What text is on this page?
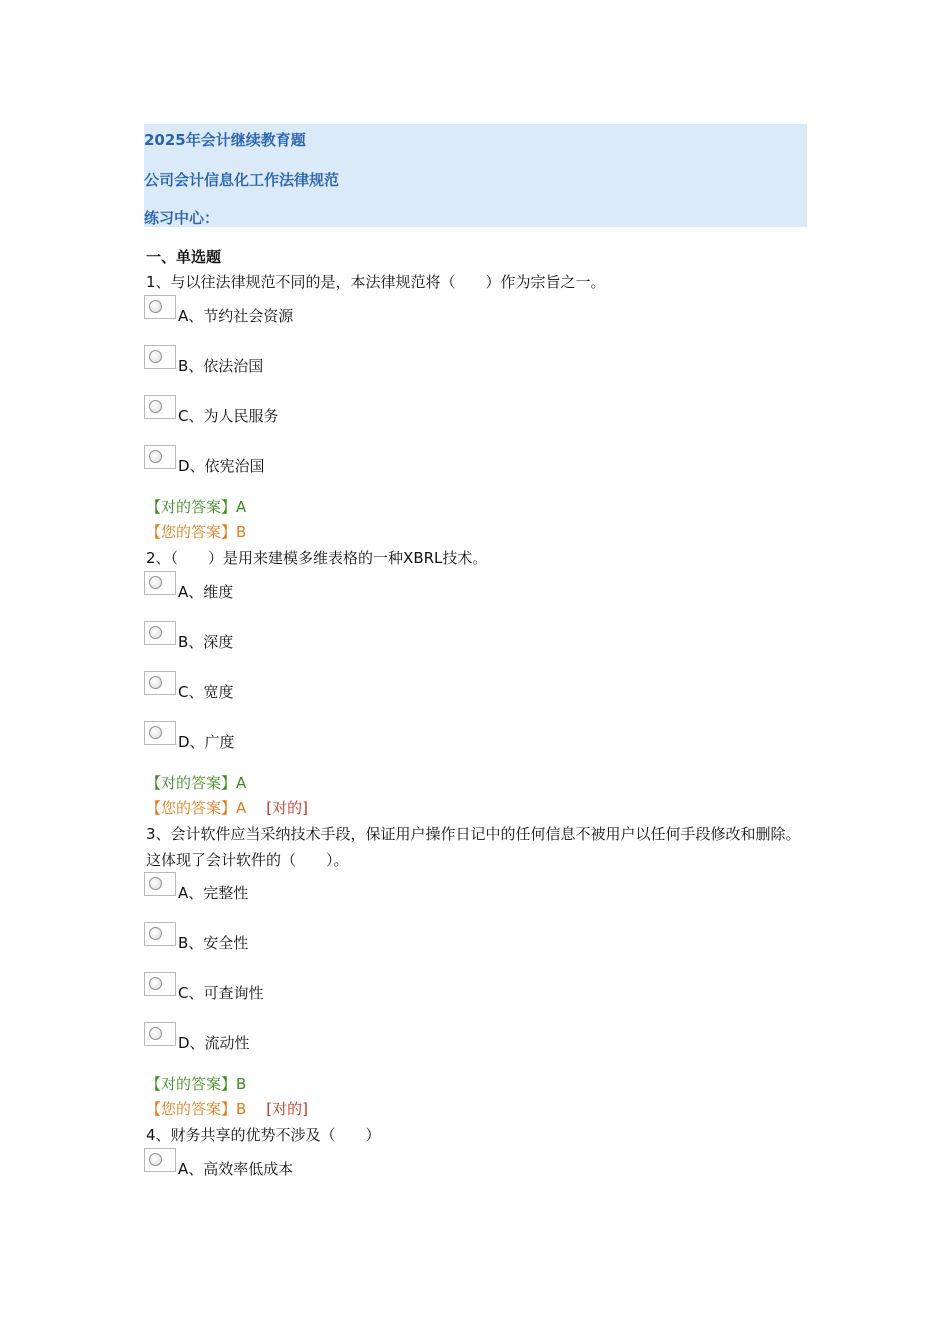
2025年会计继续教育题
公司会计信息化工作法律规范
练习中心：
一、单选题
1、与以往法律规范不同的是，本法律规范将（　　）作为宗旨之一。
A、节约社会资源
B、依法治国
C、为人民服务
D、依宪治国
【对的答案】A
【您的答案】B
2、（　　）是用来建模多维表格的一种XBRL技术。
A、维度
B、深度
C、宽度
D、广度
【对的答案】A
【您的答案】A [对的]
3、会计软件应当采纳技术手段，保证用户操作日记中的任何信息不被用户以任何手段修改和删除。这体现了会计软件的（　　）。
A、完整性
B、安全性
C、可查询性
D、流动性
【对的答案】B
【您的答案】B [对的]
4、财务共享的优势不涉及（　　）
A、高效率低成本
